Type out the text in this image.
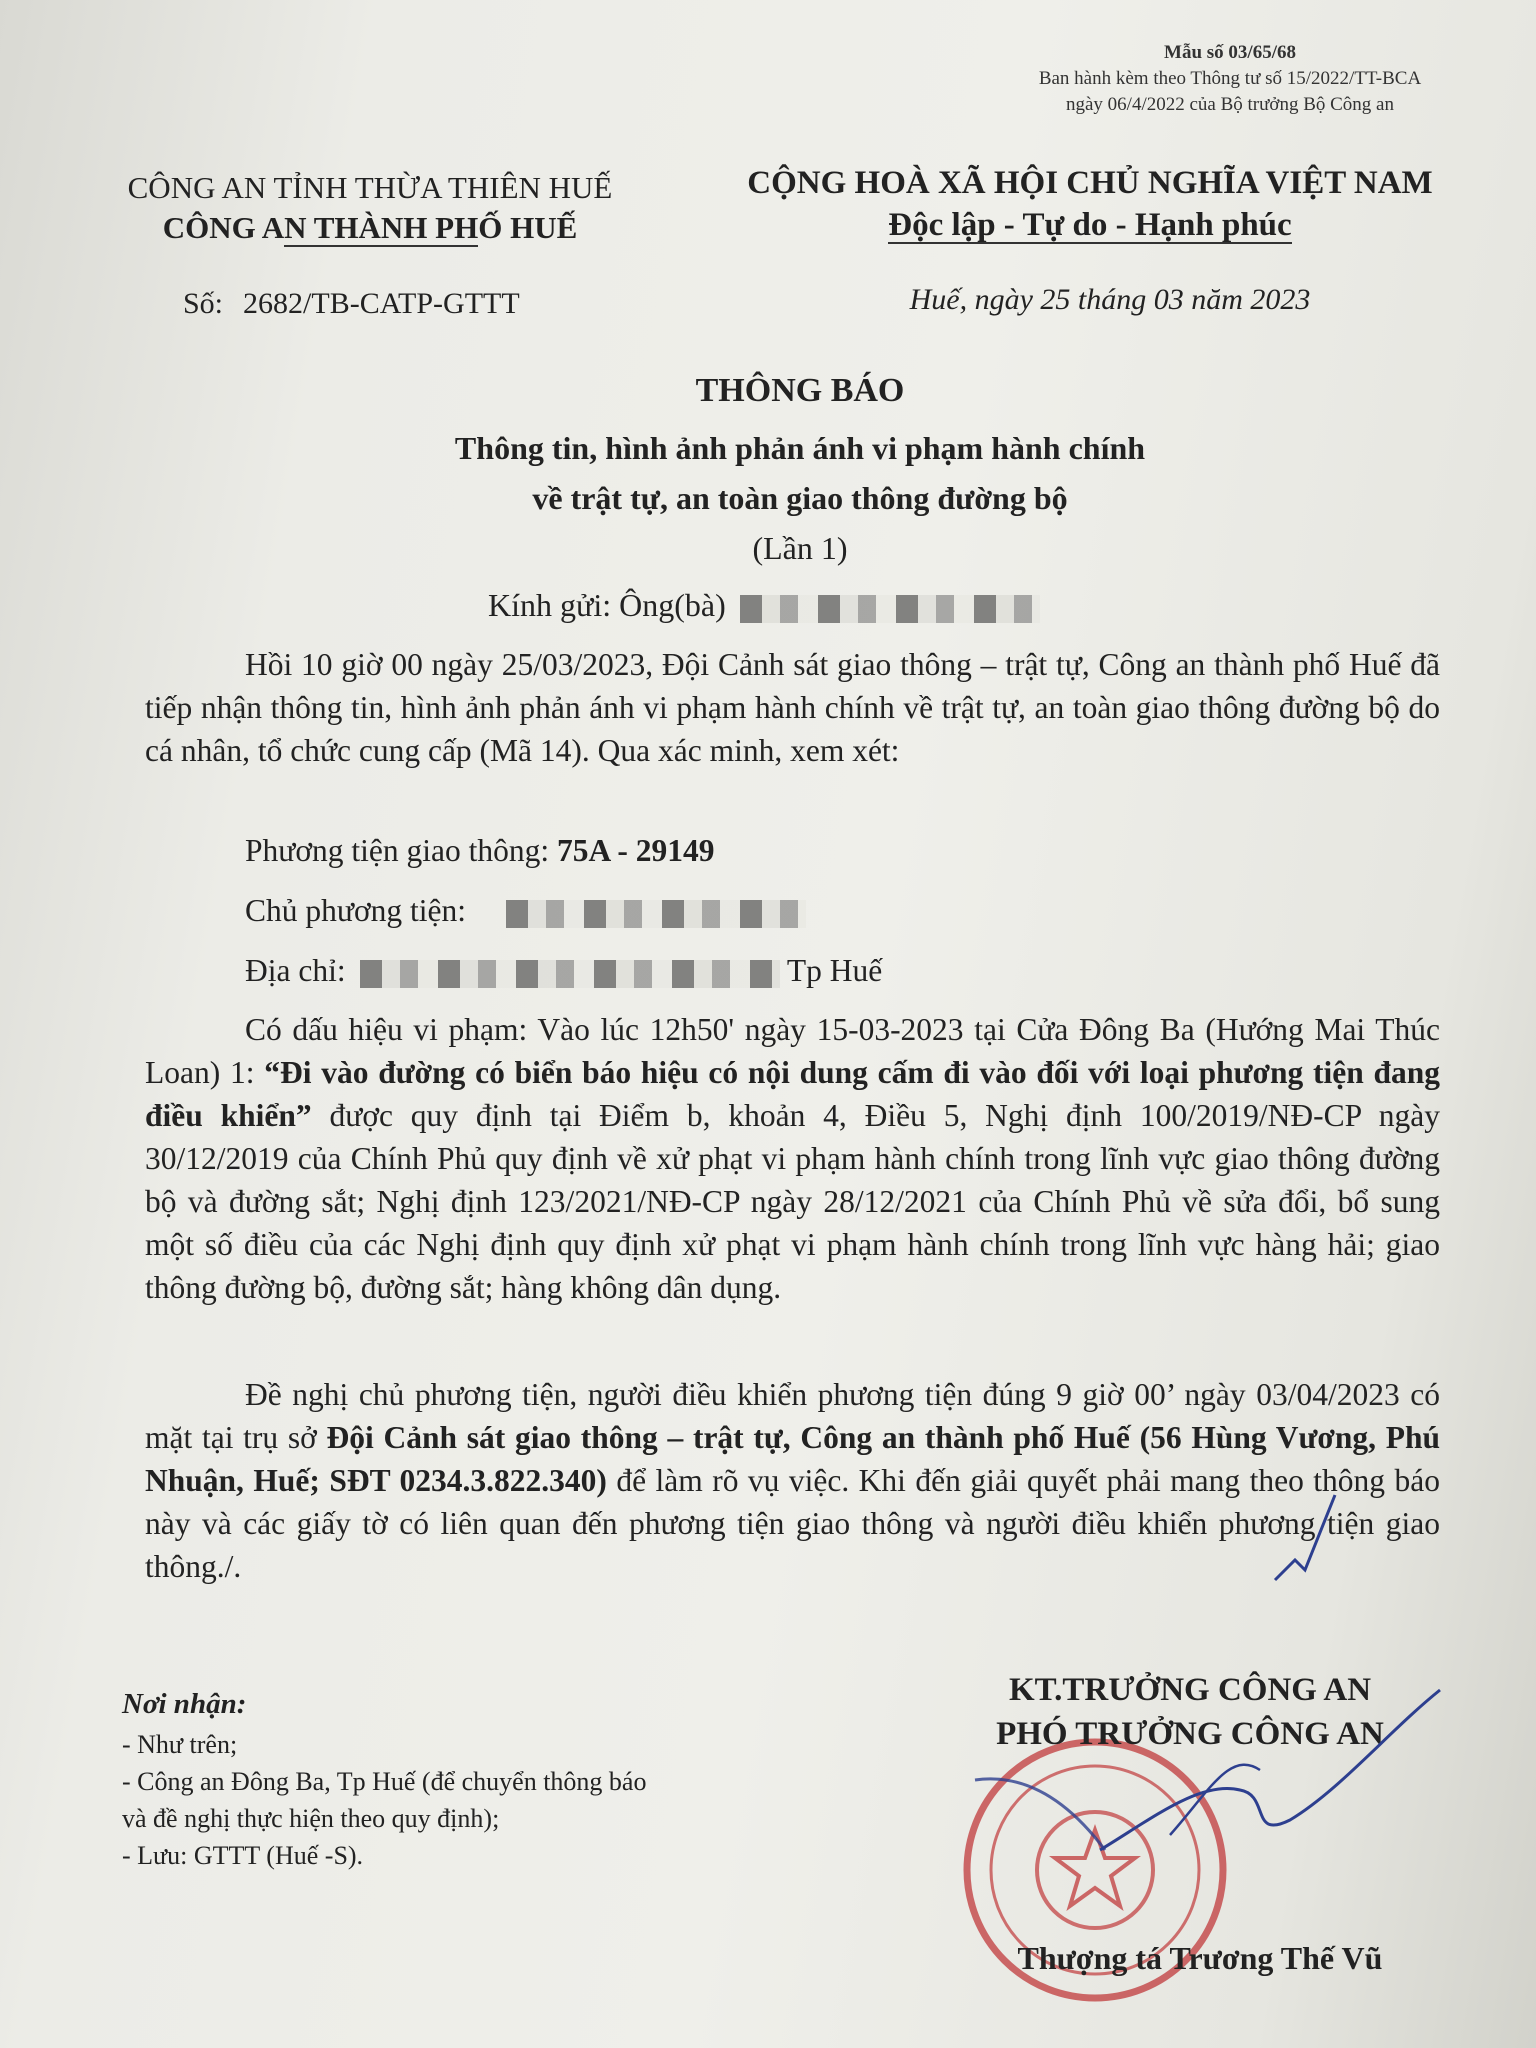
Mẫu số 03/65/68
Ban hành kèm theo Thông tư số 15/2022/TT-BCA
ngày 06/4/2022 của Bộ trưởng Bộ Công an
CÔNG AN TỈNH THỪA THIÊN HUẾ
CÔNG AN THÀNH PHỐ HUẾ
CỘNG HOÀ XÃ HỘI CHỦ NGHĨA VIỆT NAM
Độc lập - Tự do - Hạnh phúc
Số: 2682/TB-CATP-GTTT	Huế, ngày 25 tháng 03 năm 2023
THÔNG BÁO
Thông tin, hình ảnh phản ánh vi phạm hành chính
về trật tự, an toàn giao thông đường bộ
(Lần 1)
Kính gửi: Ông(bà)

Hồi 10 giờ 00 ngày 25/03/2023, Đội Cảnh sát giao thông – trật tự, Công an thành phố Huế đã tiếp nhận thông tin, hình ảnh phản ánh vi phạm hành chính về trật tự, an toàn giao thông đường bộ do cá nhân, tổ chức cung cấp (Mã 14). Qua xác minh, xem xét:

Phương tiện giao thông: 75A - 29149
Chủ phương tiện:
Địa chỉ:	Tp Huế

Có dấu hiệu vi phạm: Vào lúc 12h50' ngày 15-03-2023 tại Cửa Đông Ba (Hướng Mai Thúc Loan) 1: “Đi vào đường có biển báo hiệu có nội dung cấm đi vào đối với loại phương tiện đang điều khiển” được quy định tại Điểm b, khoản 4, Điều 5, Nghị định 100/2019/NĐ-CP ngày 30/12/2019 của Chính Phủ quy định về xử phạt vi phạm hành chính trong lĩnh vực giao thông đường bộ và đường sắt; Nghị định 123/2021/NĐ-CP ngày 28/12/2021 của Chính Phủ về sửa đổi, bổ sung một số điều của các Nghị định quy định xử phạt vi phạm hành chính trong lĩnh vực hàng hải; giao thông đường bộ, đường sắt; hàng không dân dụng.

Đề nghị chủ phương tiện, người điều khiển phương tiện đúng 9 giờ 00’ ngày 03/04/2023 có mặt tại trụ sở Đội Cảnh sát giao thông – trật tự, Công an thành phố Huế (56 Hùng Vương, Phú Nhuận, Huế; SĐT 0234.3.822.340) để làm rõ vụ việc. Khi đến giải quyết phải mang theo thông báo này và các giấy tờ có liên quan đến phương tiện giao thông và người điều khiển phương tiện giao thông./.

Nơi nhận:
- Như trên;
- Công an Đông Ba, Tp Huế (để chuyển thông báo
và đề nghị thực hiện theo quy định);
- Lưu: GTTT (Huế -S).
KT.TRƯỞNG CÔNG AN
PHÓ TRƯỞNG CÔNG AN
Thượng tá Trương Thế Vũ
